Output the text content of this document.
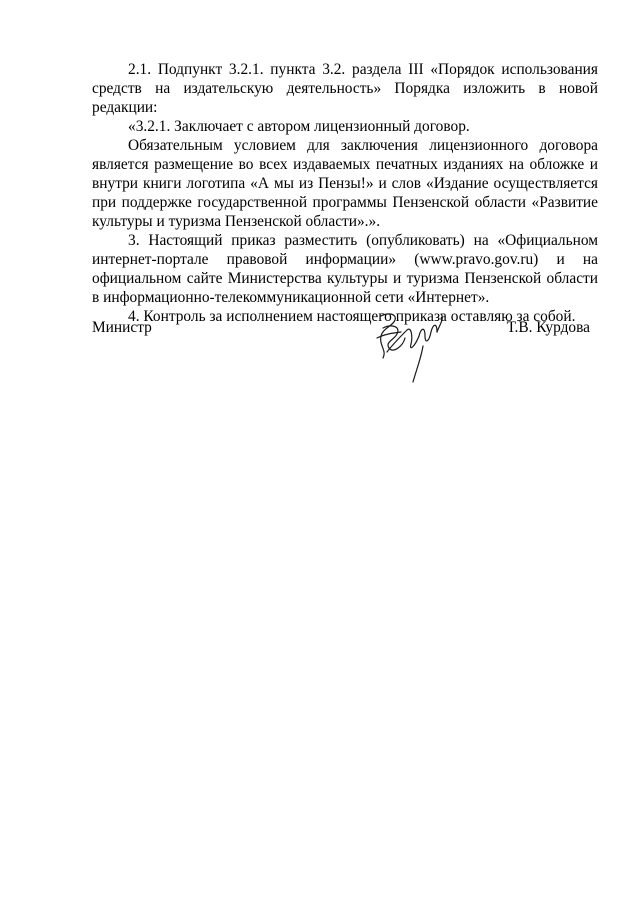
2.1. Подпункт 3.2.1. пункта 3.2. раздела III «Порядок использования средств на издательскую деятельность» Порядка изложить в новой редакции:

«3.2.1. Заключает с автором лицензионный договор.

Обязательным условием для заключения лицензионного договора является размещение во всех издаваемых печатных изданиях на обложке и внутри книги логотипа «А мы из Пензы!» и слов «Издание осуществляется при поддержке государственной программы Пензенской области «Развитие культуры и туризма Пензенской области».».

3. Настоящий приказ разместить (опубликовать) на «Официальном интернет-портале правовой информации» (www.pravo.gov.ru) и на официальном сайте Министерства культуры и туризма Пензенской области в информационно-телекоммуникационной сети «Интернет».

4. Контроль за исполнением настоящего приказа оставляю за собой.

Министр	Т.В. Курдова
